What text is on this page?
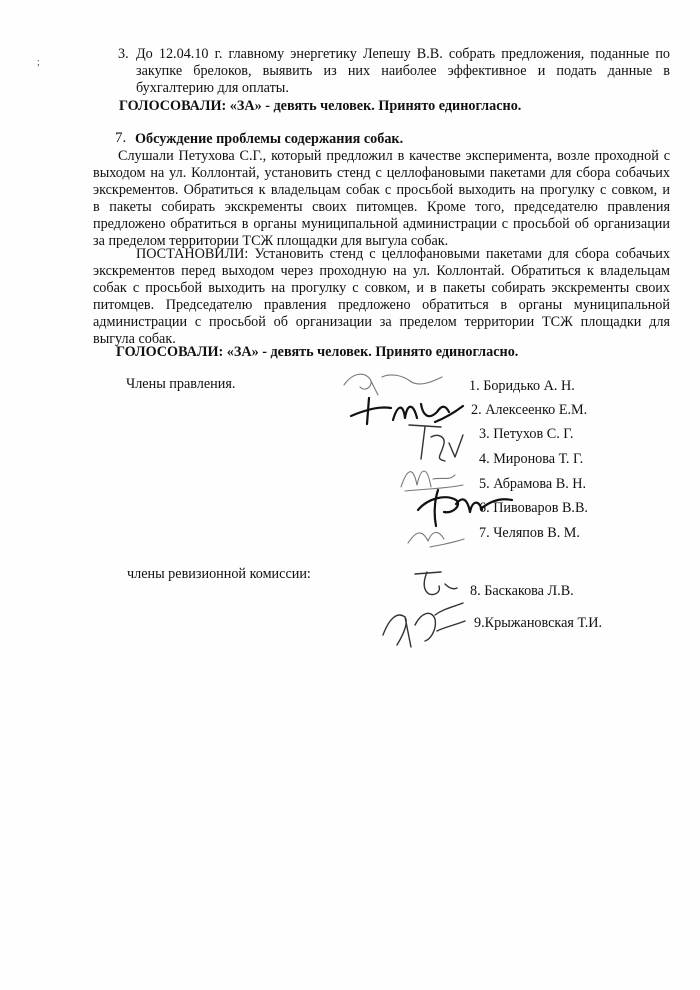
;
3. До 12.04.10 г. главному энергетику Лепешу В.В. собрать предложения, поданные по
закупке брелоков, выявить из них наиболее эффективное и подать данные в
бухгалтерию для оплаты.
ГОЛОСОВАЛИ: «ЗА» - девять человек. Принято единогласно.
7. Обсуждение проблемы содержания собак.
Слушали Петухова С.Г., который предложил в качестве эксперимента, возле проходной с
выходом на ул. Коллонтай, установить стенд с целлофановыми пакетами для сбора собачьих
экскрементов. Обратиться к владельцам собак с просьбой выходить на прогулку с совком, и
в пакеты собирать экскременты своих питомцев. Кроме того, председателю правления
предложено обратиться в органы муниципальной администрации с просьбой об организации
за пределом территории ТСЖ площадки для выгула собак.
ПОСТАНОВИЛИ: Установить стенд с целлофановыми пакетами для сбора собачьих
экскрементов перед выходом через проходную на ул. Коллонтай. Обратиться к владельцам
собак с просьбой выходить на прогулку с совком, и в пакеты собирать экскременты своих
питомцев. Председателю правления предложено обратиться в органы муниципальной
администрации с просьбой об организации за пределом территории ТСЖ площадки для
выгула собак.
ГОЛОСОВАЛИ: «ЗА» - девять человек. Принято единогласно.
Члены правления.	1. Боридько А. Н.
2. Алексеенко Е.М.
3. Петухов С. Г.
4. Миронова Т. Г.
5. Абрамова В. Н.
6. Пивоваров В.В.
7. Челяпов В. М.
члены ревизионной комиссии:
8. Баскакова Л.В.
9.Крыжановская Т.И.
